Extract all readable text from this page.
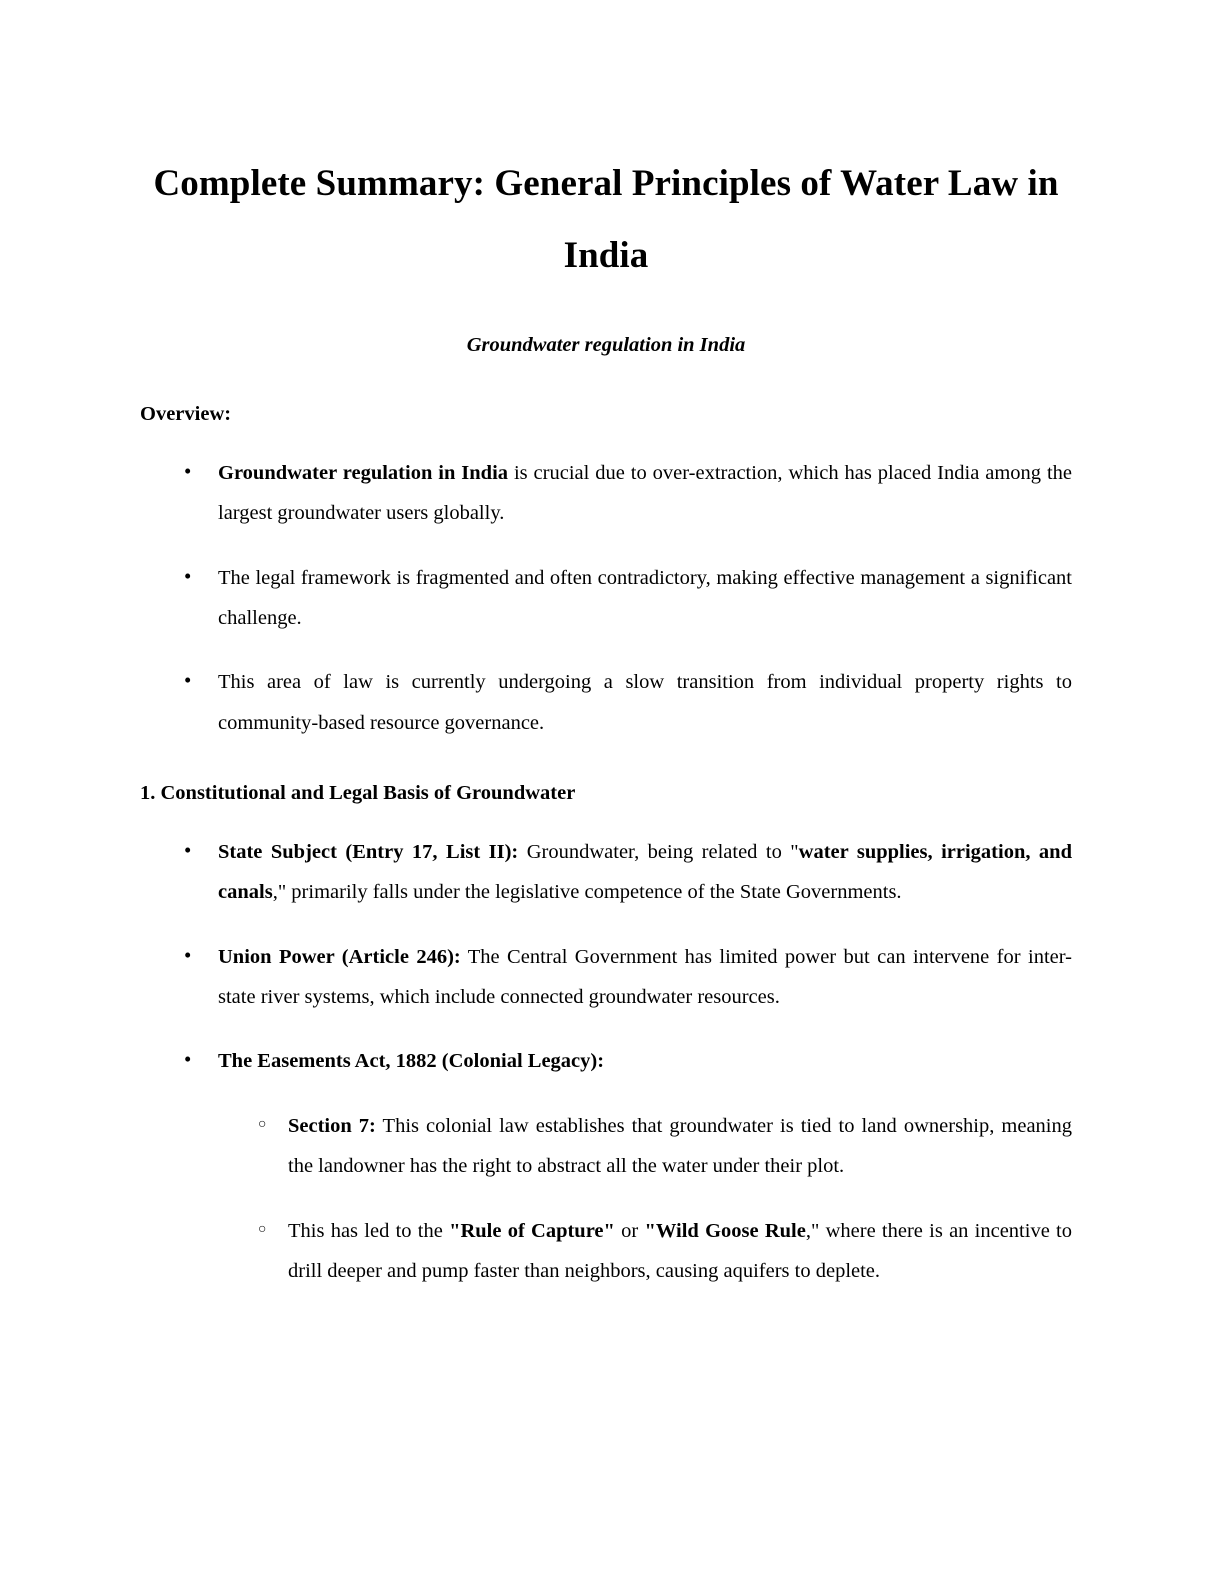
Complete Summary: General Principles of Water Law in India
Groundwater regulation in India
Overview:
• Groundwater regulation in India is crucial due to over-extraction, which has placed India among the largest groundwater users globally.
• The legal framework is fragmented and often contradictory, making effective management a significant challenge.
• This area of law is currently undergoing a slow transition from individual property rights to community-based resource governance.
1. Constitutional and Legal Basis of Groundwater
• State Subject (Entry 17, List II): Groundwater, being related to "water supplies, irrigation, and canals," primarily falls under the legislative competence of the State Governments.
• Union Power (Article 246): The Central Government has limited power but can intervene for inter-state river systems, which include connected groundwater resources.
• The Easements Act, 1882 (Colonial Legacy):
○ Section 7: This colonial law establishes that groundwater is tied to land ownership, meaning the landowner has the right to abstract all the water under their plot.
○ This has led to the "Rule of Capture" or "Wild Goose Rule," where there is an incentive to drill deeper and pump faster than neighbors, causing aquifers to deplete.
